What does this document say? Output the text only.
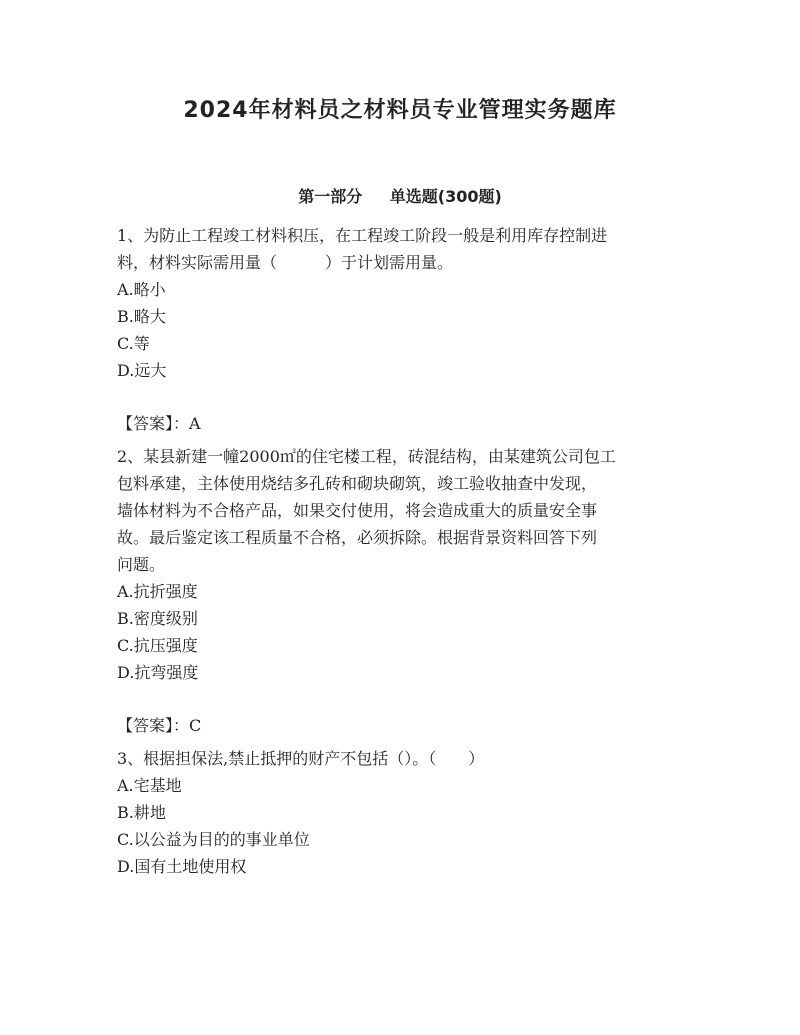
2024年材料员之材料员专业管理实务题库
第一部分　 单选题(300题)
1、为防止工程竣工材料积压，在工程竣工阶段一般是利用库存控制进
料，材料实际需用量（　　　）于计划需用量。
A.略小
B.略大
C.等
D.远大
【答案】：A
2、某县新建一幢2000㎡的住宅楼工程，砖混结构，由某建筑公司包工
包料承建，主体使用烧结多孔砖和砌块砌筑，竣工验收抽查中发现，
墙体材料为不合格产品，如果交付使用，将会造成重大的质量安全事
故。最后鉴定该工程质量不合格，必须拆除。根据背景资料回答下列
问题。
A.抗折强度
B.密度级别
C.抗压强度
D.抗弯强度
【答案】：C
3、根据担保法,禁止抵押的财产不包括（）。（　　）
A.宅基地
B.耕地
C.以公益为目的的事业单位
D.国有土地使用权
